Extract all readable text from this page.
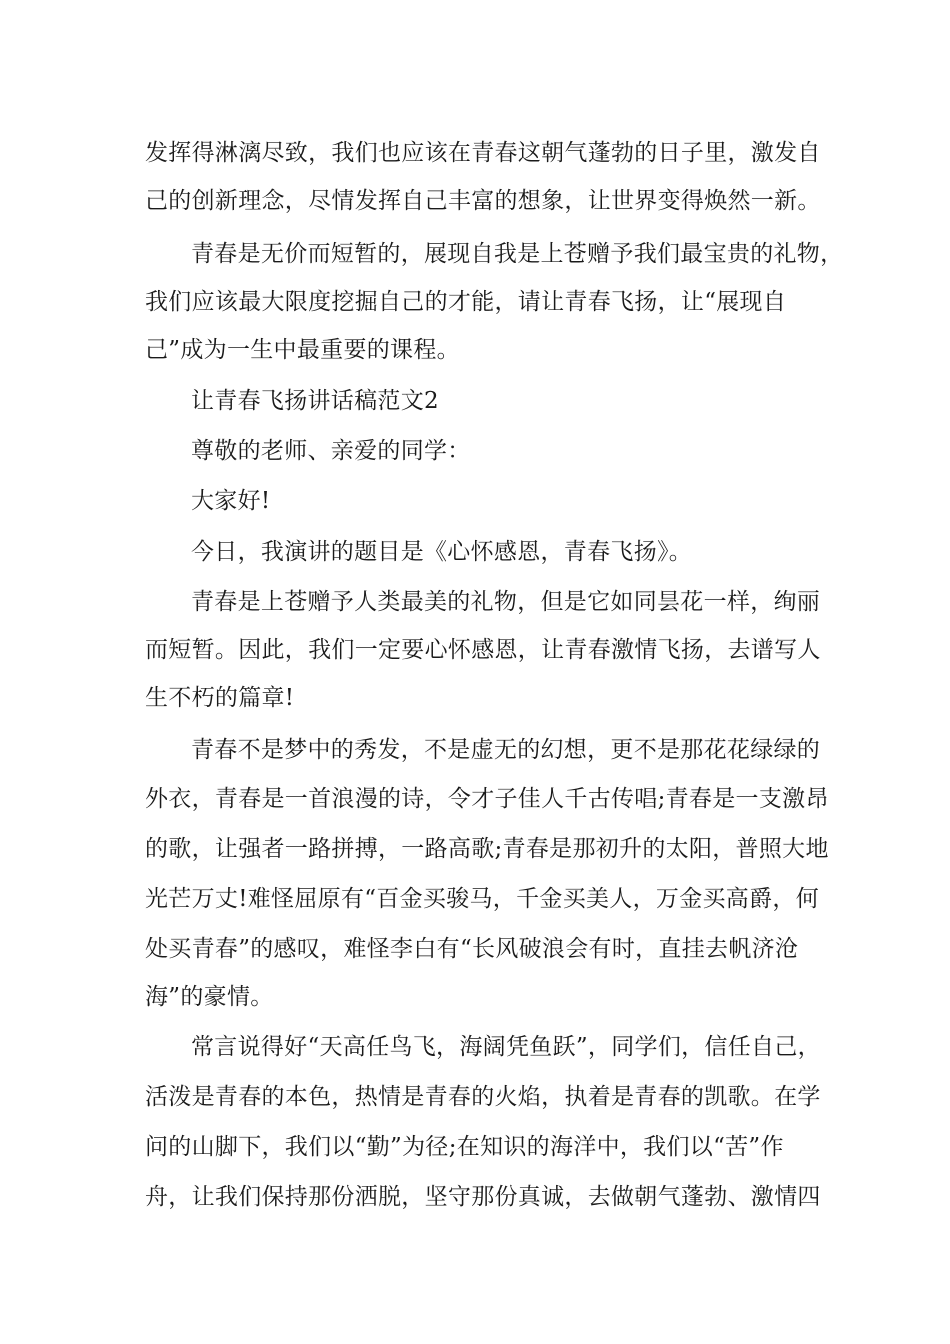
发挥得淋漓尽致，我们也应该在青春这朝气蓬勃的日子里，激发自
己的创新理念，尽情发挥自己丰富的想象，让世界变得焕然一新。
青春是无价而短暂的，展现自我是上苍赠予我们最宝贵的礼物，
我们应该最大限度挖掘自己的才能，请让青春飞扬，让“展现自
己”成为一生中最重要的课程。
让青春飞扬讲话稿范文2
尊敬的老师、亲爱的同学：
大家好!
今日，我演讲的题目是《心怀感恩，青春飞扬》。
青春是上苍赠予人类最美的礼物，但是它如同昙花一样，绚丽
而短暂。因此，我们一定要心怀感恩，让青春激情飞扬，去谱写人
生不朽的篇章!
青春不是梦中的秀发，不是虚无的幻想，更不是那花花绿绿的
外衣，青春是一首浪漫的诗，令才子佳人千古传唱;青春是一支激昂
的歌，让强者一路拼搏，一路高歌;青春是那初升的太阳，普照大地
光芒万丈!难怪屈原有“百金买骏马，千金买美人，万金买高爵，何
处买青春”的感叹，难怪李白有“长风破浪会有时，直挂去帆济沧
海”的豪情。
常言说得好“天高任鸟飞，海阔凭鱼跃”，同学们，信任自己，
活泼是青春的本色，热情是青春的火焰，执着是青春的凯歌。在学
问的山脚下，我们以“勤”为径;在知识的海洋中，我们以“苦”作
舟，让我们保持那份洒脱，坚守那份真诚，去做朝气蓬勃、激情四
